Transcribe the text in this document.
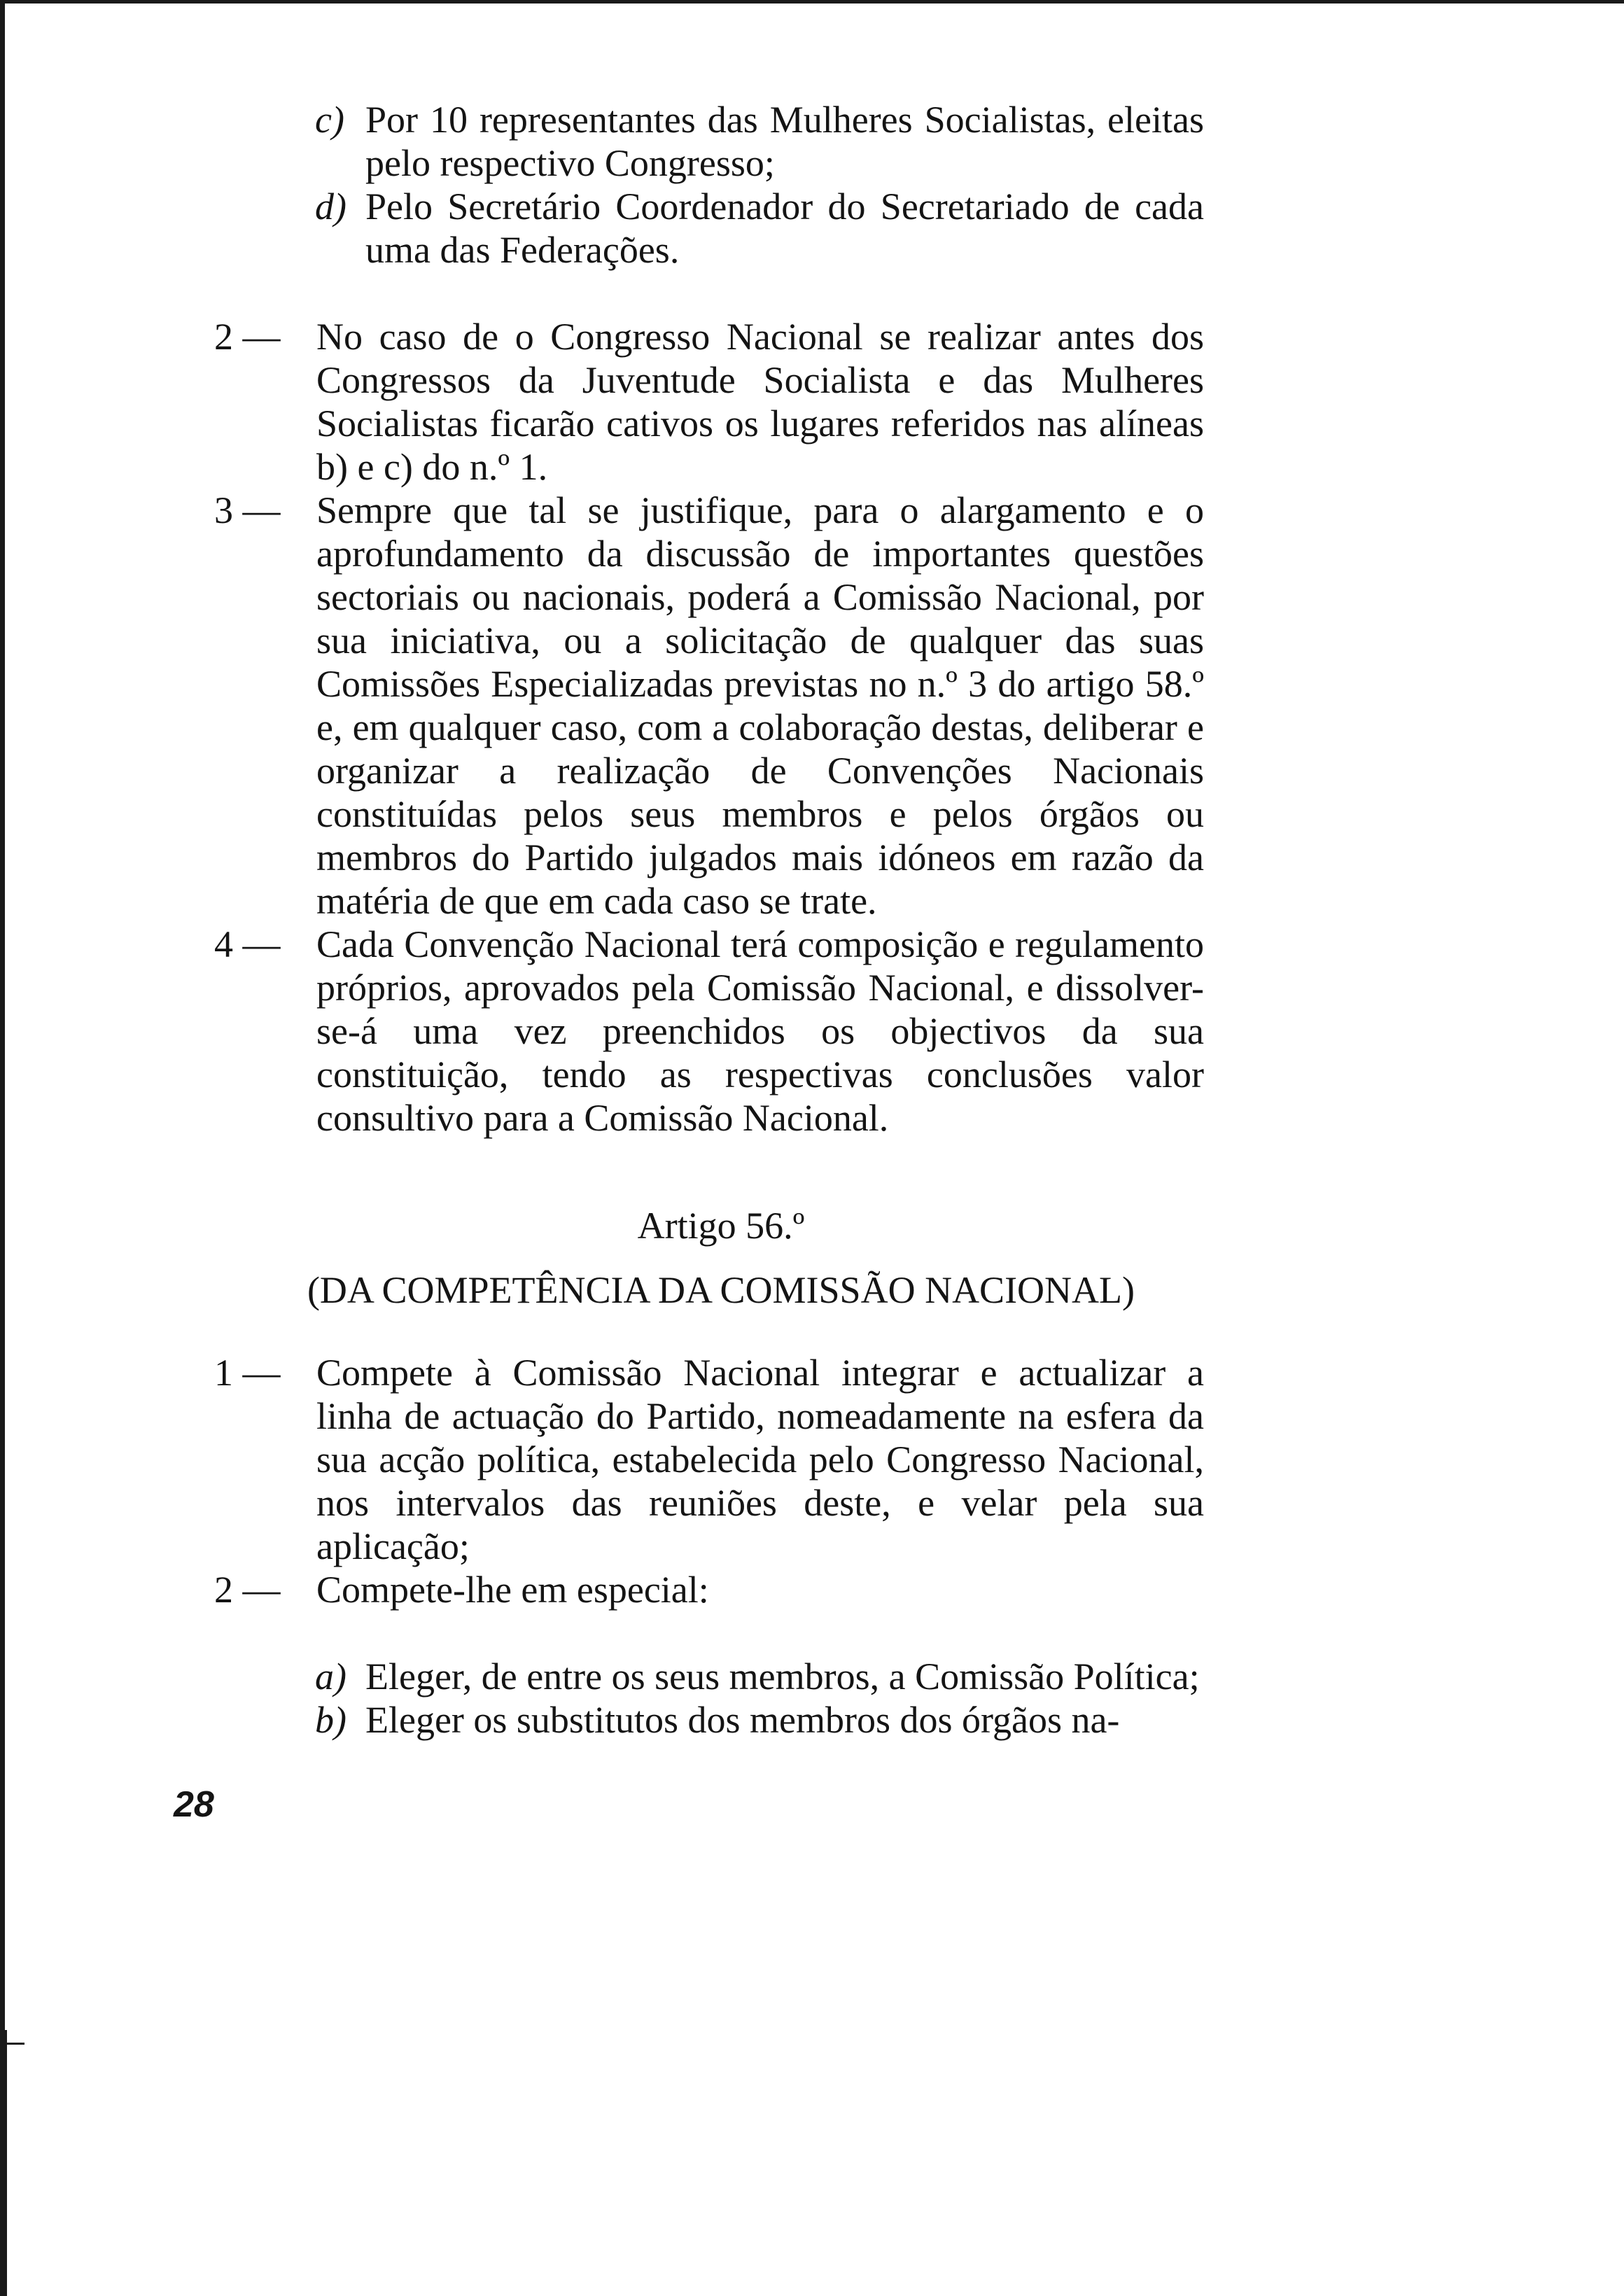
c) Por 10 representantes das Mulheres Socialistas, eleitas pelo respectivo Congresso;
d) Pelo Secretário Coordenador do Secretariado de cada uma das Federações.
2 — No caso de o Congresso Nacional se realizar antes dos Congressos da Juventude Socialista e das Mulheres Socialistas ficarão cativos os lugares referidos nas alíneas b) e c) do n.º 1.
3 — Sempre que tal se justifique, para o alargamento e o aprofundamento da discussão de importantes questões sectoriais ou nacionais, poderá a Comissão Nacional, por sua iniciativa, ou a solicitação de qualquer das suas Comissões Especializadas previstas no n.º 3 do artigo 58.º e, em qualquer caso, com a colaboração destas, deliberar e organizar a realização de Convenções Nacionais constituídas pelos seus membros e pelos órgãos ou membros do Partido julgados mais idóneos em razão da matéria de que em cada caso se trate.
4 — Cada Convenção Nacional terá composição e regulamento próprios, aprovados pela Comissão Nacional, e dissolver-se-á uma vez preenchidos os objectivos da sua constituição, tendo as respectivas conclusões valor consultivo para a Comissão Nacional.
Artigo 56.º
(DA COMPETÊNCIA DA COMISSÃO NACIONAL)
1 — Compete à Comissão Nacional integrar e actualizar a linha de actuação do Partido, nomeadamente na esfera da sua acção política, estabelecida pelo Congresso Nacional, nos intervalos das reuniões deste, e velar pela sua aplicação;
2 — Compete-lhe em especial:
a) Eleger, de entre os seus membros, a Comissão Política;
b) Eleger os substitutos dos membros dos órgãos na-
28
